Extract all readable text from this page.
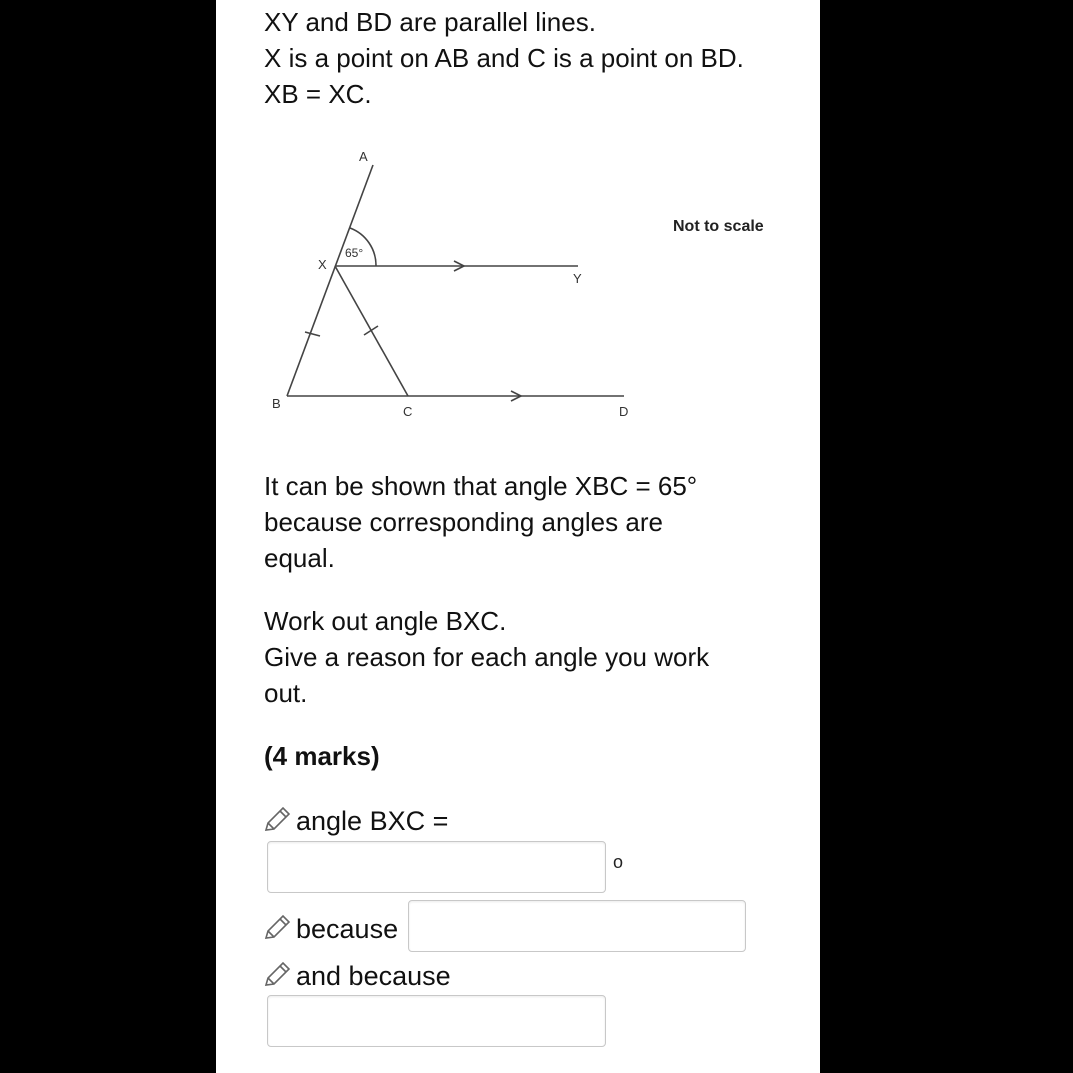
XY and BD are parallel lines.

X is a point on AB and C is a point on BD.

XB = XC.

A
X
Y
B
C	D
65°
Not to scale

It can be shown that angle XBC = 65°

because corresponding angles are

equal.

Work out angle BXC.

Give a reason for each angle you work

out.

(4 marks)
angle BXC =
o
because
and because
